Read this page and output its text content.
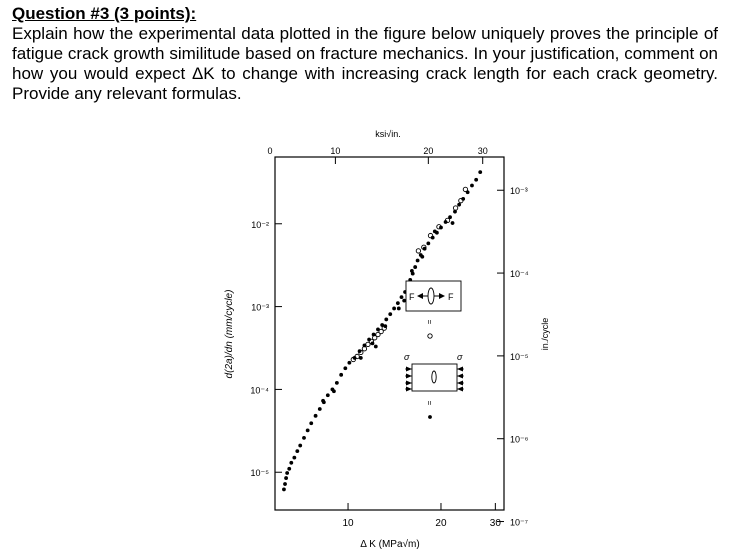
Question #3 (3 points):

Explain how the experimental data plotted in the figure below uniquely proves the principle of fatigue crack growth similitude based on fracture mechanics. In your justification, comment on how you would expect ΔK to change with increasing crack length for each crack geometry. Provide any relevant formulas.

10	20	30
0	10	20	30
10⁻²
10⁻³
10⁻⁴
10⁻⁵
10⁻³
10⁻⁴
10⁻⁵
10⁻⁶
10⁻⁷
ksi√in.
Δ K (MPa√m)
d(2a)/dn (mm/cycle)	in./cycle
F	F
=
σ	σ
=
